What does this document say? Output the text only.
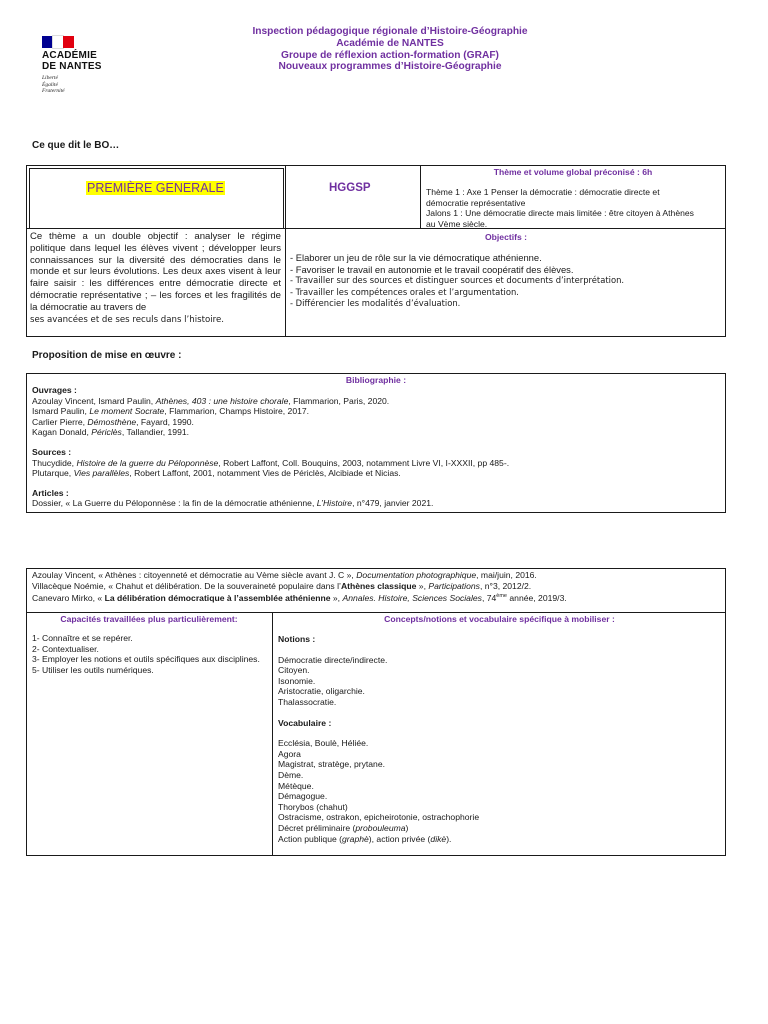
ACADÉMIE
DE NANTES
Liberté
Égalité
Fraternité
Inspection pédagogique régionale d’Histoire-Géographie
Académie de NANTES
Groupe de réflexion action-formation (GRAF)
Nouveaux programmes d’Histoire-Géographie
Ce que dit le BO…
PREMIÈRE GENERALE	HGGSP
Thème et volume global préconisé : 6h
Thème 1 : Axe 1 Penser la démocratie : démocratie directe et
démocratie représentative
Jalons 1 : Une démocratie directe mais limitée : être citoyen à Athènes
au Vème siècle.
Ce thème a un double objectif : analyser le régime politique dans lequel les élèves vivent ; développer leurs connaissances sur la diversité des démocraties dans le monde et sur leurs évolutions. Les deux axes visent à leur faire saisir : les différences entre démocratie directe et démocratie représentative ; – les forces et les fragilités de la démocratie au travers de
ses avancées et de ses reculs dans l’histoire.
Objectifs :
- Elaborer un jeu de rôle sur la vie démocratique athénienne.
- Favoriser le travail en autonomie et le travail coopératif des élèves.
- Travailler sur des sources et distinguer sources et documents d’interprétation.
- Travailler les compétences orales et l’argumentation.
- Différencier les modalités d’évaluation.
Proposition de mise en œuvre :
Bibliographie :
Ouvrages :
Azoulay Vincent, Ismard Paulin, Athènes, 403 : une histoire chorale, Flammarion, Paris, 2020.
Ismard Paulin, Le moment Socrate, Flammarion, Champs Histoire, 2017.
Carlier Pierre, Démosthène, Fayard, 1990.
Kagan Donald, Périclès, Tallandier, 1991.
Sources :
Thucydide, Histoire de la guerre du Péloponnèse, Robert Laffont, Coll. Bouquins, 2003, notamment Livre VI, I-XXXII, pp 485-.
Plutarque, Vies parallèles, Robert Laffont, 2001, notamment Vies de Périclès, Alcibiade et Nicias.
Articles :
Dossier, « La Guerre du Péloponnèse : la fin de la démocratie athénienne, L’Histoire, n°479, janvier 2021.
Azoulay Vincent, « Athènes : citoyenneté et démocratie au Vème siècle avant J. C », Documentation photographique, mai/juin, 2016.
Villacèque Noémie, « Chahut et délibération. De la souveraineté populaire dans l’Athènes classique », Participations, n°3, 2012/2.
Canevaro Mirko, « La délibération démocratique à l’assemblée athénienne », Annales. Histoire, Sciences Sociales, 74ème année, 2019/3.
Capacités travaillées plus particulièrement:
1- Connaître et se repérer.
2- Contextualiser.
3- Employer les notions et outils spécifiques aux disciplines.
5- Utiliser les outils numériques.
Concepts/notions et vocabulaire spécifique à mobiliser :
Notions :
Démocratie directe/indirecte.
Citoyen.
Isonomie.
Aristocratie, oligarchie.
Thalassocratie.
Vocabulaire :
Ecclésia, Boulè, Héliée.
Agora
Magistrat, stratège, prytane.
Dème.
Métèque.
Démagogue.
Thorybos (chahut)
Ostracisme, ostrakon, epicheirotonie, ostrachophorie
Décret préliminaire (probouleuma)
Action publique (graphè), action privée (dikè).
